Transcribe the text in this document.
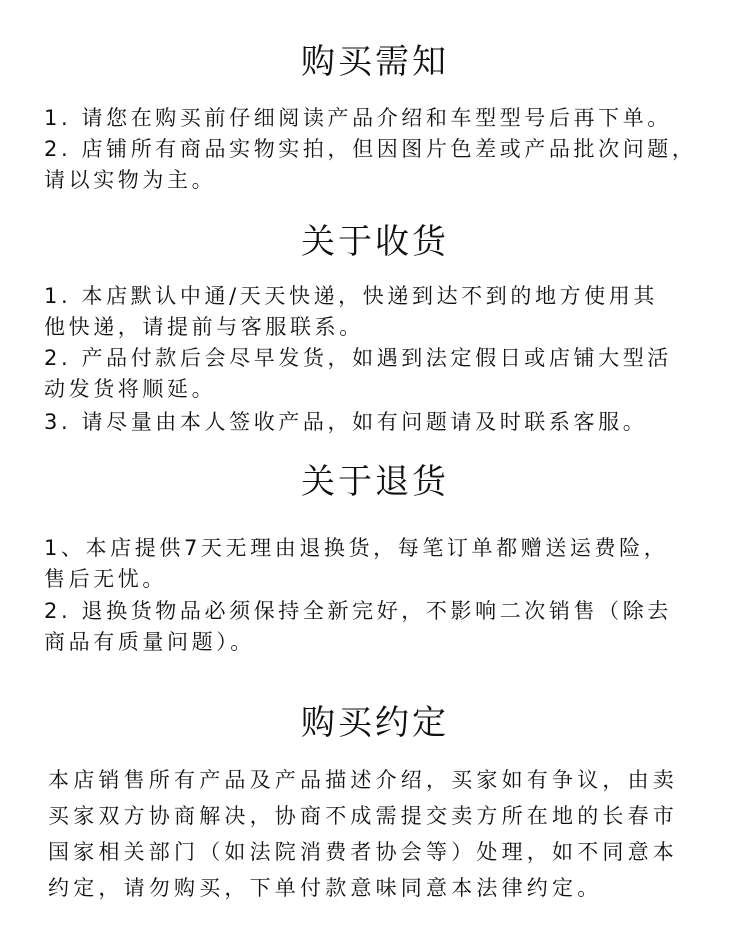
购买需知

1. 请您在购买前仔细阅读产品介绍和车型型号后再下单。

2. 店铺所有商品实物实拍，但因图片色差或产品批次问题，
请以实物为主。

关于收货

1. 本店默认中通/天天快递，快递到达不到的地方使用其
他快递，请提前与客服联系。

2. 产品付款后会尽早发货，如遇到法定假日或店铺大型活
动发货将顺延。

3. 请尽量由本人签收产品，如有问题请及时联系客服。

关于退货

1、本店提供7天无理由退换货，每笔订单都赠送运费险，
售后无忧。

2. 退换货物品必须保持全新完好，不影响二次销售（除去
商品有质量问题）。

购买约定

本店销售所有产品及产品描述介绍，买家如有争议，由卖
买家双方协商解决，协商不成需提交卖方所在地的长春市
国家相关部门（如法院消费者协会等）处理，如不同意本
约定，请勿购买，下单付款意味同意本法律约定。
